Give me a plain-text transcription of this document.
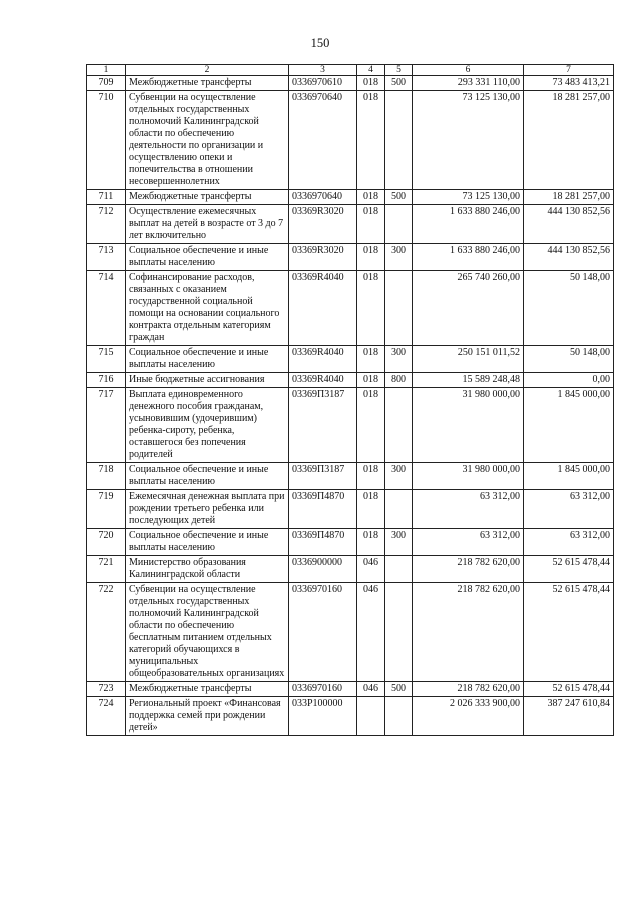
150
1	2	3	4	5	6	7
709	Межбюджетные трансферты	0336970610	018	500	293 331 110,00	73 483 413,21
710	Субвенции на осуществление отдельных государственных полномочий Калининградской области по обеспечению деятельности по организации и осуществлению опеки и попечительства в отношении несовершеннолетних	0336970640	018		73 125 130,00	18 281 257,00
711	Межбюджетные трансферты	0336970640	018	500	73 125 130,00	18 281 257,00
712	Осуществление ежемесячных выплат на детей в возрасте от 3 до 7 лет включительно	03369R3020	018		1 633 880 246,00	444 130 852,56
713	Социальное обеспечение и иные выплаты населению	03369R3020	018	300	1 633 880 246,00	444 130 852,56
714	Софинансирование расходов, связанных с оказанием государственной социальной помощи на основании социального контракта отдельным категориям граждан	03369R4040	018		265 740 260,00	50 148,00
715	Социальное обеспечение и иные выплаты населению	03369R4040	018	300	250 151 011,52	50 148,00
716	Иные бюджетные ассигнования	03369R4040	018	800	15 589 248,48	0,00
717	Выплата единовременного денежного пособия гражданам, усыновившим (удочерившим) ребенка-сироту, ребенка, оставшегося без попечения родителей	03369П3187	018		31 980 000,00	1 845 000,00
718	Социальное обеспечение и иные выплаты населению	03369П3187	018	300	31 980 000,00	1 845 000,00
719	Ежемесячная денежная выплата при рождении третьего ребенка или последующих детей	03369П4870	018		63 312,00	63 312,00
720	Социальное обеспечение и иные выплаты населению	03369П4870	018	300	63 312,00	63 312,00
721	Министерство образования Калининградской области	0336900000	046		218 782 620,00	52 615 478,44
722	Субвенции на осуществление отдельных государственных полномочий Калининградской области по обеспечению бесплатным питанием отдельных категорий обучающихся в муниципальных общеобразовательных организациях	0336970160	046		218 782 620,00	52 615 478,44
723	Межбюджетные трансферты	0336970160	046	500	218 782 620,00	52 615 478,44
724	Региональный проект «Финансовая поддержка семей при рождении детей»	033P100000			2 026 333 900,00	387 247 610,84
